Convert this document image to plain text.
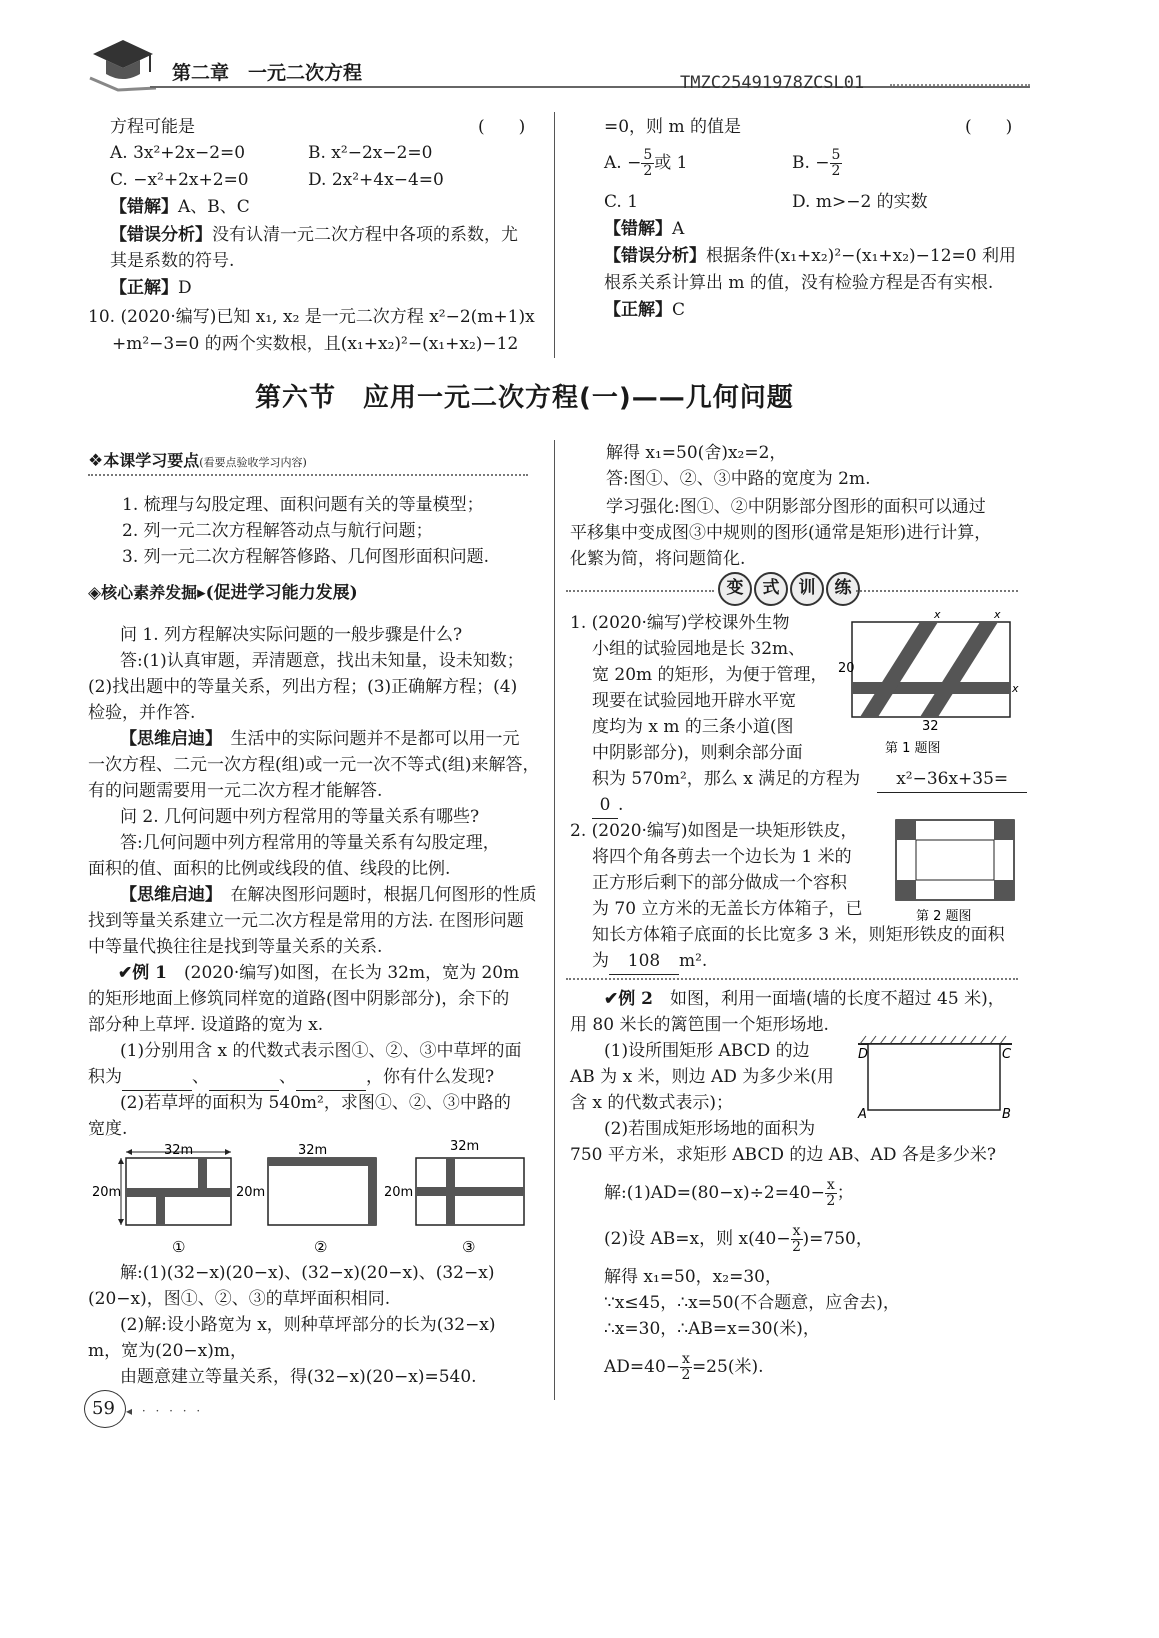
第二章　一元二次方程	TMZC25491978ZCSL01
方程可能是	(　　)
A. 3x²+2x−2=0	B. x²−2x−2=0
C. −x²+2x+2=0	D. 2x²+4x−4=0
【错解】A、B、C
【错误分析】没有认清一元二次方程中各项的系数，尤
其是系数的符号.
【正解】D
10. (2020·编写)已知 x₁, x₂ 是一元二次方程 x²−2(m+1)x
+m²−3=0 的两个实数根，且(x₁+x₂)²−(x₁+x₂)−12
=0，则 m 的值是	(　　)
A. − $\frac{5}{2}$ 或 1	B. − $\frac{5}{2}$
C. 1	D. m>−2 的实数
【错解】A
【错误分析】根据条件(x₁+x₂)²−(x₁+x₂)−12=0 利用
根系关系计算出 m 的值，没有检验方程是否有实根.
【正解】C
第六节　应用一元二次方程(一)——几何问题
❖本课学习要点(看要点验收学习内容)
1. 梳理与勾股定理、面积问题有关的等量模型；
2. 列一元二次方程解答动点与航行问题；
3. 列一元二次方程解答修路、几何图形面积问题.
◈核心素养发掘▸(促进学习能力发展)
问 1. 列方程解决实际问题的一般步骤是什么?
答:(1)认真审题，弄清题意，找出未知量，设未知数；
(2)找出题中的等量关系，列出方程；(3)正确解方程；(4)
检验，并作答.
【思维启迪】　生活中的实际问题并不是都可以用一元
一次方程、二元一次方程(组)或一元一次不等式(组)来解答，
有的问题需要用一元二次方程才能解答.
问 2. 几何问题中列方程常用的等量关系有哪些?
答:几何问题中列方程常用的等量关系有勾股定理，
面积的值、面积的比例或线段的值、线段的比例.
【思维启迪】　在解决图形问题时，根据几何图形的性质
找到等量关系建立一元二次方程是常用的方法. 在图形问题
中等量代换往往是找到等量关系的关系.
✔例 1　 (2020·编写)如图，在长为 32m，宽为 20m
的矩形地面上修筑同样宽的道路(图中阴影部分)，余下的
部分种上草坪. 设道路的宽为 x.
(1)分别用含 x 的代数式表示图①、②、③中草坪的面
积为	、	、	，你有什么发现?
(2)若草坪的面积为 540m²，求图①、②、③中路的
宽度.
32m
20m
①
32m
20m
②
32m
20m
③
解:(1)(32−x)(20−x)、(32−x)(20−x)、(32−x)
(20−x)，图①、②、③的草坪面积相同.
(2)解:设小路宽为 x，则种草坪部分的长为(32−x)
m，宽为(20−x)m，
由题意建立等量关系，得(32−x)(20−x)=540.
59 ◂ · · · · ·
解得 x₁=50(舍)x₂=2，
答:图①、②、③中路的宽度为 2m.
学习强化:图①、②中阴影部分图形的面积可以通过
平移集中变成图③中规则的图形(通常是矩形)进行计算，
化繁为简，将问题简化.
变 式 训 练
1. (2020·编写)学校课外生物
小组的试验园地是长 32m、
宽 20m 的矩形，为便于管理，
现要在试验园地开辟水平宽
度均为 x m 的三条小道(图
中阴影部分)，则剩余部分面
积为 570m²，那么 x 满足的方程为　 x²−36x+35=
0 .
20
32
x
x	x
第 1 题图
2. (2020·编写)如图是一块矩形铁皮，
将四个角各剪去一个边长为 1 米的
正方形后剩下的部分做成一个容积
为 70 立方米的无盖长方体箱子，已
知长方体箱子底面的长比宽多 3 米，则矩形铁皮的面积
为 108 m².
第 2 题图
✔例 2　 如图，利用一面墙(墙的长度不超过 45 米)，
用 80 米长的篱笆围一个矩形场地.
(1)设所围矩形 ABCD 的边
AB 为 x 米，则边 AD 为多少米(用
含 x 的代数式表示)；
(2)若围成矩形场地的面积为
750 平方米，求矩形 ABCD 的边 AB、AD 各是多少米?
D	C
A	B
解:(1)AD=(80−x)÷2=40− $\frac{x}{2}$ ；
(2)设 AB=x，则 $x(40- \frac{x}{2} )=750$，
解得 x₁=50，x₂=30，
∵x≤45，∴x=50(不合题意，应舍去)，
∴x=30，∴AB=x=30(米)，
$AD=40- \frac{x}{2} =25$(米).
